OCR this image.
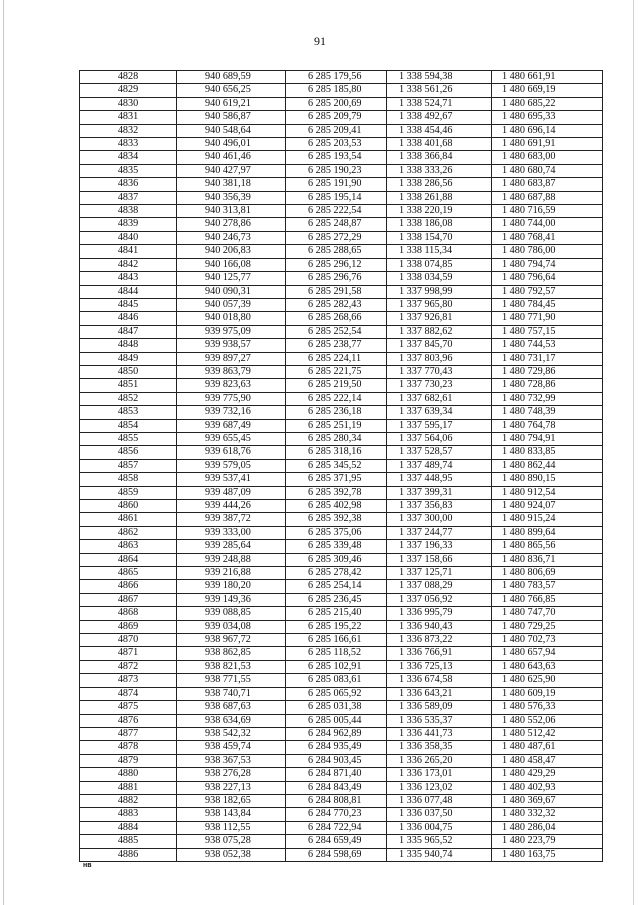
91
4828	940 689,59	6 285 179,56	1 338 594,38	1 480 661,91
4829	940 656,25	6 285 185,80	1 338 561,26	1 480 669,19
4830	940 619,21	6 285 200,69	1 338 524,71	1 480 685,22
4831	940 586,87	6 285 209,79	1 338 492,67	1 480 695,33
4832	940 548,64	6 285 209,41	1 338 454,46	1 480 696,14
4833	940 496,01	6 285 203,53	1 338 401,68	1 480 691,91
4834	940 461,46	6 285 193,54	1 338 366,84	1 480 683,00
4835	940 427,97	6 285 190,23	1 338 333,26	1 480 680,74
4836	940 381,18	6 285 191,90	1 338 286,56	1 480 683,87
4837	940 356,39	6 285 195,14	1 338 261,88	1 480 687,88
4838	940 313,81	6 285 222,54	1 338 220,19	1 480 716,59
4839	940 278,86	6 285 248,87	1 338 186,08	1 480 744,00
4840	940 246,73	6 285 272,29	1 338 154,70	1 480 768,41
4841	940 206,83	6 285 288,65	1 338 115,34	1 480 786,00
4842	940 166,08	6 285 296,12	1 338 074,85	1 480 794,74
4843	940 125,77	6 285 296,76	1 338 034,59	1 480 796,64
4844	940 090,31	6 285 291,58	1 337 998,99	1 480 792,57
4845	940 057,39	6 285 282,43	1 337 965,80	1 480 784,45
4846	940 018,80	6 285 268,66	1 337 926,81	1 480 771,90
4847	939 975,09	6 285 252,54	1 337 882,62	1 480 757,15
4848	939 938,57	6 285 238,77	1 337 845,70	1 480 744,53
4849	939 897,27	6 285 224,11	1 337 803,96	1 480 731,17
4850	939 863,79	6 285 221,75	1 337 770,43	1 480 729,86
4851	939 823,63	6 285 219,50	1 337 730,23	1 480 728,86
4852	939 775,90	6 285 222,14	1 337 682,61	1 480 732,99
4853	939 732,16	6 285 236,18	1 337 639,34	1 480 748,39
4854	939 687,49	6 285 251,19	1 337 595,17	1 480 764,78
4855	939 655,45	6 285 280,34	1 337 564,06	1 480 794,91
4856	939 618,76	6 285 318,16	1 337 528,57	1 480 833,85
4857	939 579,05	6 285 345,52	1 337 489,74	1 480 862,44
4858	939 537,41	6 285 371,95	1 337 448,95	1 480 890,15
4859	939 487,09	6 285 392,78	1 337 399,31	1 480 912,54
4860	939 444,26	6 285 402,98	1 337 356,83	1 480 924,07
4861	939 387,72	6 285 392,38	1 337 300,00	1 480 915,24
4862	939 333,00	6 285 375,06	1 337 244,77	1 480 899,64
4863	939 285,64	6 285 339,48	1 337 196,33	1 480 865,56
4864	939 248,88	6 285 309,46	1 337 158,66	1 480 836,71
4865	939 216,88	6 285 278,42	1 337 125,71	1 480 806,69
4866	939 180,20	6 285 254,14	1 337 088,29	1 480 783,57
4867	939 149,36	6 285 236,45	1 337 056,92	1 480 766,85
4868	939 088,85	6 285 215,40	1 336 995,79	1 480 747,70
4869	939 034,08	6 285 195,22	1 336 940,43	1 480 729,25
4870	938 967,72	6 285 166,61	1 336 873,22	1 480 702,73
4871	938 862,85	6 285 118,52	1 336 766,91	1 480 657,94
4872	938 821,53	6 285 102,91	1 336 725,13	1 480 643,63
4873	938 771,55	6 285 083,61	1 336 674,58	1 480 625,90
4874	938 740,71	6 285 065,92	1 336 643,21	1 480 609,19
4875	938 687,63	6 285 031,38	1 336 589,09	1 480 576,33
4876	938 634,69	6 285 005,44	1 336 535,37	1 480 552,06
4877	938 542,32	6 284 962,89	1 336 441,73	1 480 512,42
4878	938 459,74	6 284 935,49	1 336 358,35	1 480 487,61
4879	938 367,53	6 284 903,45	1 336 265,20	1 480 458,47
4880	938 276,28	6 284 871,40	1 336 173,01	1 480 429,29
4881	938 227,13	6 284 843,49	1 336 123,02	1 480 402,93
4882	938 182,65	6 284 808,81	1 336 077,48	1 480 369,67
4883	938 143,84	6 284 770,23	1 336 037,50	1 480 332,32
4884	938 112,55	6 284 722,94	1 336 004,75	1 480 286,04
4885	938 075,28	6 284 659,49	1 335 965,52	1 480 223,79
4886	938 052,38	6 284 598,69	1 335 940,74	1 480 163,75
нв
